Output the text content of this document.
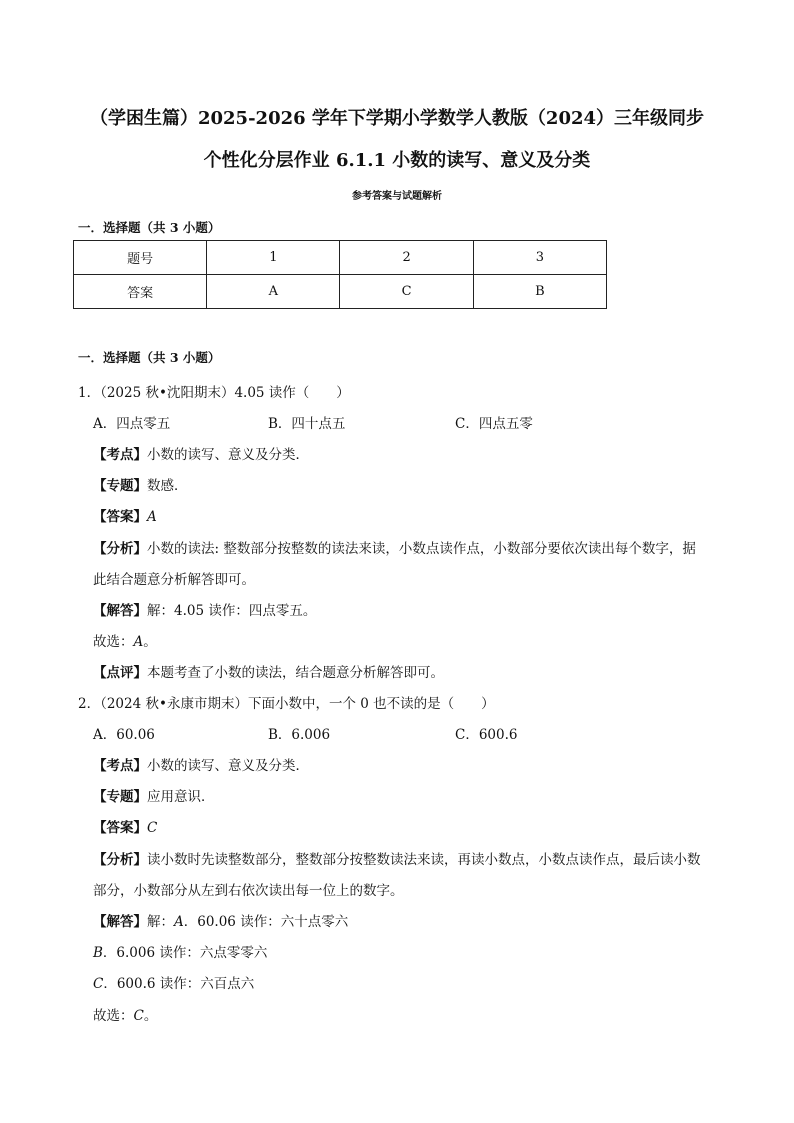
（学困生篇）2025-2026 学年下学期小学数学人教版（2024）三年级同步
个性化分层作业 6.1.1 小数的读写、意义及分类
参考答案与试题解析
一．选择题（共 3 小题）
题号	1	2	3
答案	A	C	B
一．选择题（共 3 小题）
1．（2025 秋•沈阳期末）4.05 读作（　　）
A．四点零五	B．四十点五	C．四点五零
【考点】小数的读写、意义及分类．
【专题】数感．
【答案】A
【分析】小数的读法: 整数部分按整数的读法来读，小数点读作点，小数部分要依次读出每个数字，据
此结合题意分析解答即可。
【解答】解：4.05 读作：四点零五。
故选：A。
【点评】本题考查了小数的读法，结合题意分析解答即可。
2．（2024 秋•永康市期末）下面小数中，一个 0 也不读的是（　　）
A．60.06	B．6.006	C．600.6
【考点】小数的读写、意义及分类．
【专题】应用意识．
【答案】C
【分析】读小数时先读整数部分，整数部分按整数读法来读，再读小数点，小数点读作点，最后读小数
部分，小数部分从左到右依次读出每一位上的数字。
【解答】解：A．60.06 读作：六十点零六
B．6.006 读作：六点零零六
C．600.6 读作：六百点六
故选：C。
